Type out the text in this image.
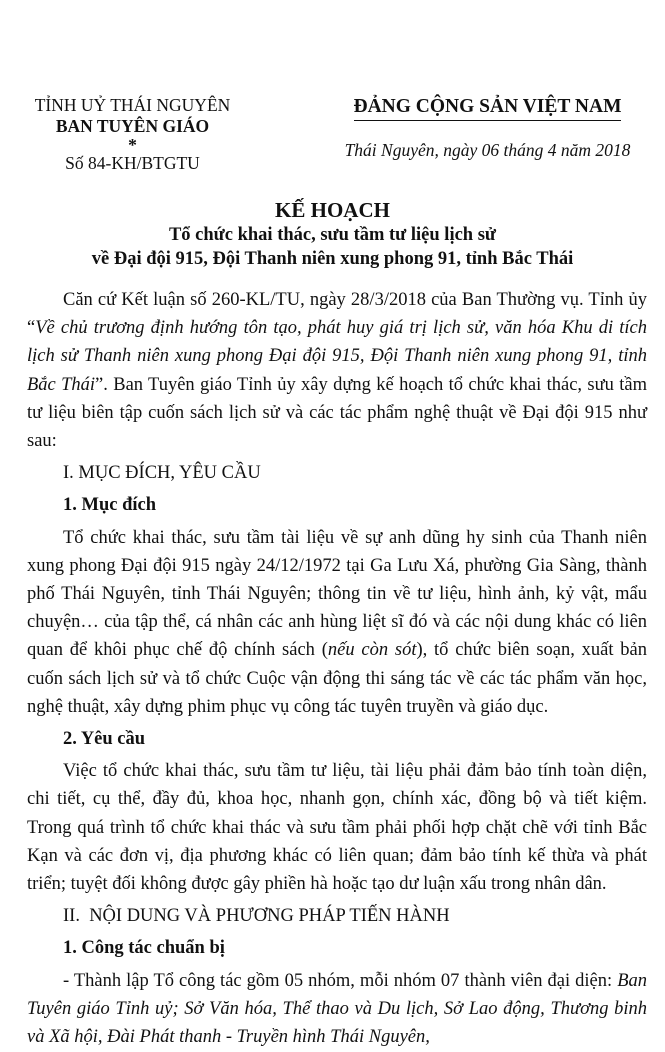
TỈNH UỶ THÁI NGUYÊN
BAN TUYÊN GIÁO
*
Số 84-KH/BTGTU
ĐẢNG CỘNG SẢN VIỆT NAM
Thái Nguyên, ngày 06 tháng 4 năm 2018
KẾ HOẠCH
Tổ chức khai thác, sưu tầm tư liệu lịch sử
về Đại đội 915, Đội Thanh niên xung phong 91, tỉnh Bắc Thái

Căn cứ Kết luận số 260-KL/TU, ngày 28/3/2018 của Ban Thường vụ. Tỉnh ủy “Về chủ trương định hướng tôn tạo, phát huy giá trị lịch sử, văn hóa Khu di tích lịch sử Thanh niên xung phong Đại đội 915, Đội Thanh niên xung phong 91, tỉnh Bắc Thái”. Ban Tuyên giáo Tỉnh ủy xây dựng kế hoạch tổ chức khai thác, sưu tầm tư liệu biên tập cuốn sách lịch sử và các tác phẩm nghệ thuật về Đại đội 915 như sau:

I. MỤC ĐÍCH, YÊU CẦU

1. Mục đích

Tổ chức khai thác, sưu tầm tài liệu về sự anh dũng hy sinh của Thanh niên xung phong Đại đội 915 ngày 24/12/1972 tại Ga Lưu Xá, phường Gia Sàng, thành phố Thái Nguyên, tỉnh Thái Nguyên; thông tin về tư liệu, hình ảnh, kỷ vật, mẩu chuyện… của tập thể, cá nhân các anh hùng liệt sĩ đó và các nội dung khác có liên quan để khôi phục chế độ chính sách (nếu còn sót), tổ chức biên soạn, xuất bản cuốn sách lịch sử và tổ chức Cuộc vận động thi sáng tác về các tác phẩm văn học, nghệ thuật, xây dựng phim phục vụ công tác tuyên truyền và giáo dục.

2. Yêu cầu

Việc tổ chức khai thác, sưu tầm tư liệu, tài liệu phải đảm bảo tính toàn diện, chi tiết, cụ thể, đầy đủ, khoa học, nhanh gọn, chính xác, đồng bộ và tiết kiệm. Trong quá trình tổ chức khai thác và sưu tầm phải phối hợp chặt chẽ với tỉnh Bắc Kạn và các đơn vị, địa phương khác có liên quan; đảm bảo tính kế thừa và phát triển; tuyệt đối không được gây phiền hà hoặc tạo dư luận xấu trong nhân dân.

II.  NỘI DUNG VÀ PHƯƠNG PHÁP TIẾN HÀNH

1. Công tác chuẩn bị

- Thành lập Tổ công tác gồm 05 nhóm, mỗi nhóm 07 thành viên đại diện: Ban Tuyên giáo Tỉnh uỷ; Sở Văn hóa, Thể thao và Du lịch, Sở Lao động, Thương binh và Xã hội, Đài Phát thanh - Truyền hình Thái Nguyên,
